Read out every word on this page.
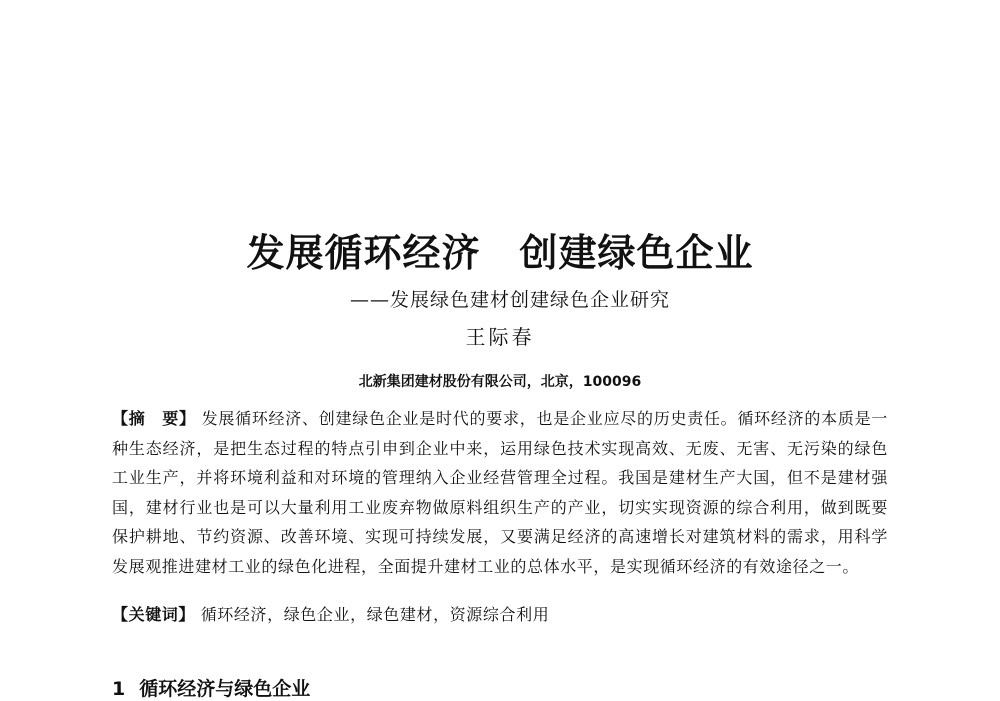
发展循环经济　创建绿色企业
——发展绿色建材创建绿色企业研究
王际春
北新集团建材股份有限公司，北京，100096
【摘　要】 发展循环经济、创建绿色企业是时代的要求，也是企业应尽的历史责任。循环经济的本质是一种生态经济，是把生态过程的特点引申到企业中来，运用绿色技术实现高效、无废、无害、无污染的绿色工业生产，并将环境利益和对环境的管理纳入企业经营管理全过程。我国是建材生产大国，但不是建材强国，建材行业也是可以大量利用工业废弃物做原料组织生产的产业，切实实现资源的综合利用，做到既要保护耕地、节约资源、改善环境、实现可持续发展，又要满足经济的高速增长对建筑材料的需求，用科学发展观推进建材工业的绿色化进程，全面提升建材工业的总体水平，是实现循环经济的有效途径之一。
【关键词】 循环经济，绿色企业，绿色建材，资源综合利用
1 循环经济与绿色企业
